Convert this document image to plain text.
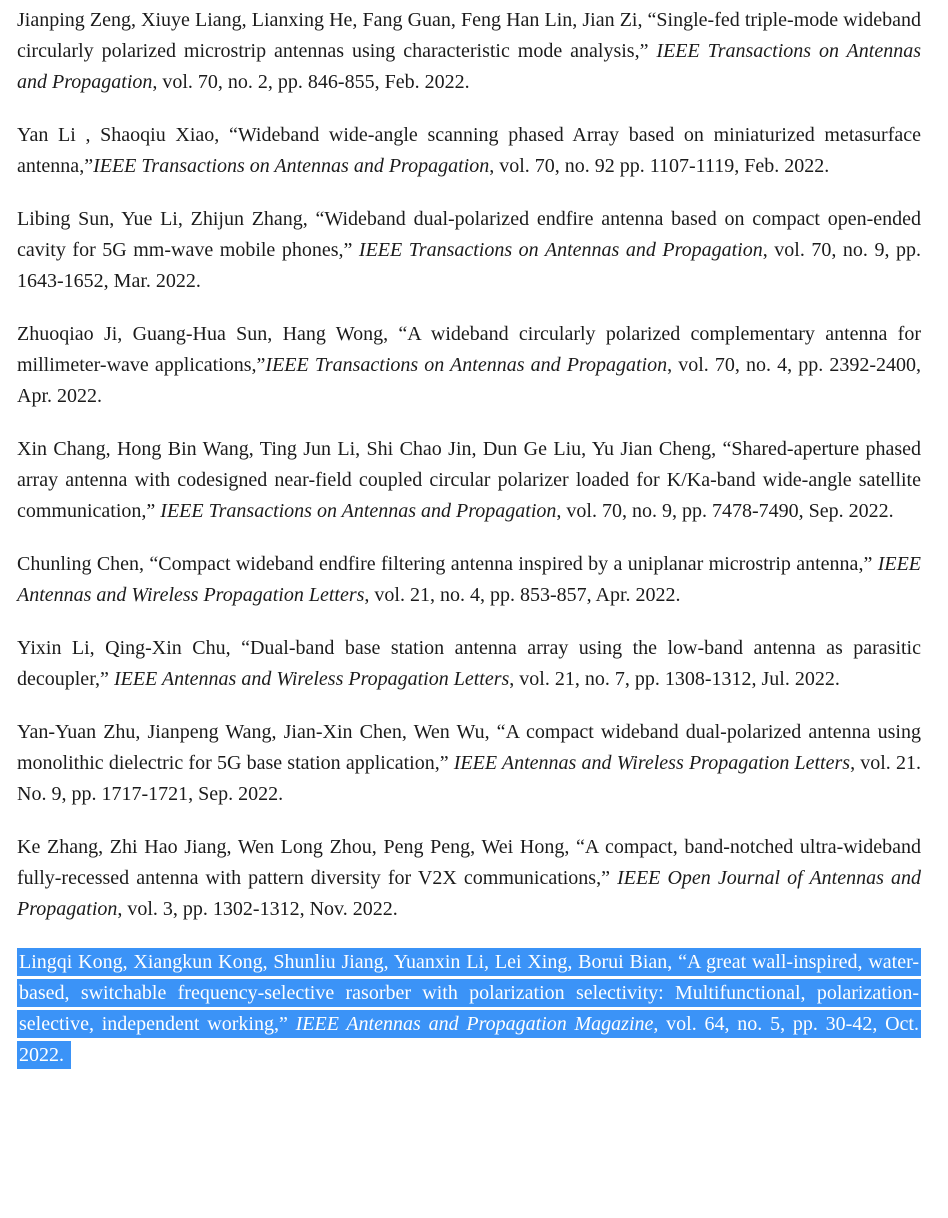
Jianping Zeng, Xiuye Liang, Lianxing He, Fang Guan, Feng Han Lin, Jian Zi, “Single-fed triple-mode wideband circularly polarized microstrip antennas using characteristic mode analysis,” IEEE Transactions on Antennas and Propagation, vol. 70, no. 2, pp. 846-855, Feb. 2022.

Yan Li , Shaoqiu Xiao, “Wideband wide-angle scanning phased Array based on miniaturized metasurface antenna,”IEEE Transactions on Antennas and Propagation, vol. 70, no. 92 pp. 1107-1119, Feb. 2022.

Libing Sun, Yue Li, Zhijun Zhang, “Wideband dual-polarized endfire antenna based on compact open-ended cavity for 5G mm-wave mobile phones,” IEEE Transactions on Antennas and Propagation, vol. 70, no. 9, pp. 1643-1652, Mar. 2022.

Zhuoqiao Ji, Guang-Hua Sun, Hang Wong, “A wideband circularly polarized complementary antenna for millimeter-wave applications,”IEEE Transactions on Antennas and Propagation, vol. 70, no. 4, pp. 2392-2400, Apr. 2022.

Xin Chang, Hong Bin Wang, Ting Jun Li, Shi Chao Jin, Dun Ge Liu, Yu Jian Cheng, “Shared-aperture phased array antenna with codesigned near-field coupled circular polarizer loaded for K/Ka-band wide-angle satellite communication,” IEEE Transactions on Antennas and Propagation, vol. 70, no. 9, pp. 7478-7490, Sep. 2022.

Chunling Chen, “Compact wideband endfire filtering antenna inspired by a uniplanar microstrip antenna,” IEEE Antennas and Wireless Propagation Letters, vol. 21, no. 4, pp. 853-857, Apr. 2022.

Yixin Li, Qing-Xin Chu, “Dual-band base station antenna array using the low-band antenna as parasitic decoupler,” IEEE Antennas and Wireless Propagation Letters, vol. 21, no. 7, pp. 1308-1312, Jul. 2022.

Yan-Yuan Zhu, Jianpeng Wang, Jian-Xin Chen, Wen Wu, “A compact wideband dual-polarized antenna using monolithic dielectric for 5G base station application,” IEEE Antennas and Wireless Propagation Letters, vol. 21. No. 9, pp. 1717-1721, Sep. 2022.

Ke Zhang, Zhi Hao Jiang, Wen Long Zhou, Peng Peng, Wei Hong, “A compact, band-notched ultra-wideband fully-recessed antenna with pattern diversity for V2X communications,” IEEE Open Journal of Antennas and Propagation, vol. 3, pp. 1302-1312, Nov. 2022.

Lingqi Kong, Xiangkun Kong, Shunliu Jiang, Yuanxin Li, Lei Xing, Borui Bian, “A great wall-inspired, water-based, switchable frequency-selective rasorber with polarization selectivity: Multifunctional, polarization-selective, independent working,” IEEE Antennas and Propagation Magazine, vol. 64, no. 5, pp. 30-42, Oct. 2022.
